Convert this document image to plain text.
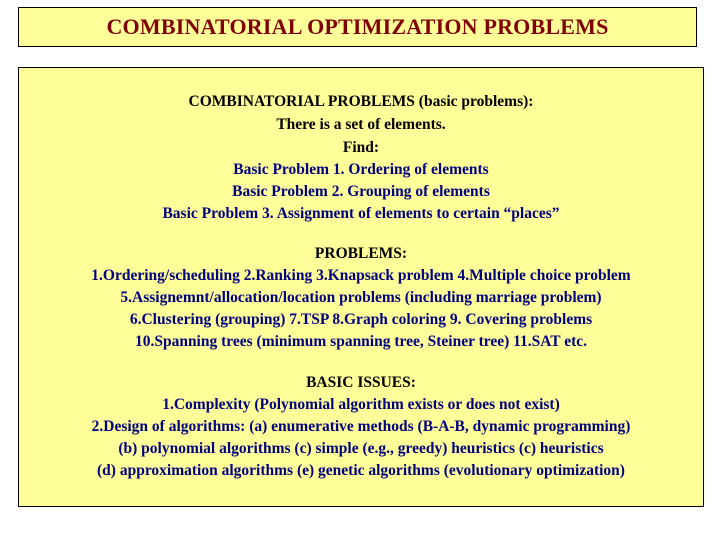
COMBINATORIAL OPTIMIZATION PROBLEMS
COMBINATORIAL PROBLEMS (basic problems):
There is a set of elements.
Find:
Basic Problem 1. Ordering of elements
Basic Problem 2. Grouping of elements
Basic Problem 3. Assignment of elements to certain “places”
PROBLEMS:
1.Ordering/scheduling 2.Ranking 3.Knapsack problem 4.Multiple choice problem
5.Assignemnt/allocation/location problems (including marriage problem)
6.Clustering (grouping) 7.TSP 8.Graph coloring 9. Covering problems
10.Spanning trees (minimum spanning tree, Steiner tree) 11.SAT etc.
BASIC ISSUES:
1.Complexity (Polynomial algorithm exists or does not exist)
2.Design of algorithms: (a) enumerative methods (B-A-B, dynamic programming)
(b) polynomial algorithms (c) simple (e.g., greedy) heuristics (c) heuristics
(d) approximation algorithms (e) genetic algorithms (evolutionary optimization)
